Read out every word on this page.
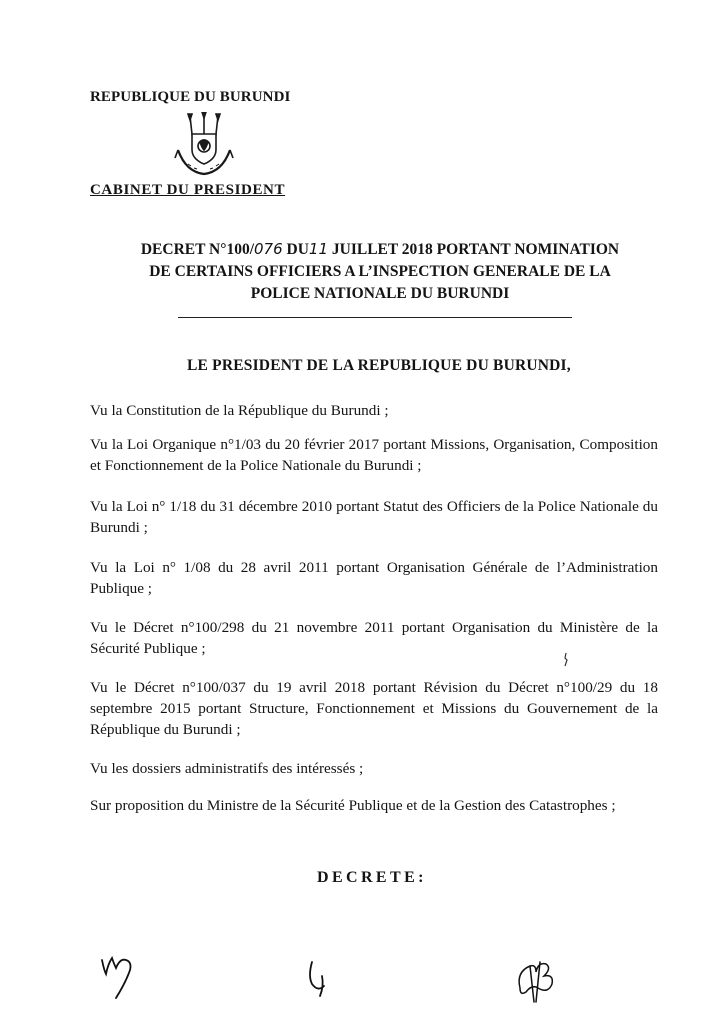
REPUBLIQUE DU BURUNDI
CABINET DU PRESIDENT
DECRET N°100/076 DU11 JUILLET 2018 PORTANT NOMINATION
DE CERTAINS OFFICIERS A L’INSPECTION GENERALE DE LA
POLICE NATIONALE DU BURUNDI
LE PRESIDENT DE LA REPUBLIQUE DU BURUNDI,
Vu la Constitution de la République du Burundi ;
Vu la Loi Organique n°1/03 du 20 février 2017 portant Missions, Organisation, Composition et Fonctionnement de la Police Nationale du Burundi ;
Vu la Loi n° 1/18 du 31 décembre 2010 portant Statut des Officiers de la Police Nationale du Burundi ;
Vu la Loi n° 1/08 du 28 avril 2011 portant Organisation Générale de l’Administration Publique ;
Vu le Décret n°100/298 du 21 novembre 2011 portant Organisation du Ministère de la Sécurité Publique ;
Vu le Décret n°100/037 du 19 avril 2018 portant Révision du Décret n°100/29 du 18 septembre 2015 portant Structure, Fonctionnement et Missions du Gouvernement de la République du Burundi ;
Vu les dossiers administratifs des intéressés ;
Sur proposition du Ministre de la Sécurité Publique et de la Gestion des Catastrophes ;
DECRETE:
